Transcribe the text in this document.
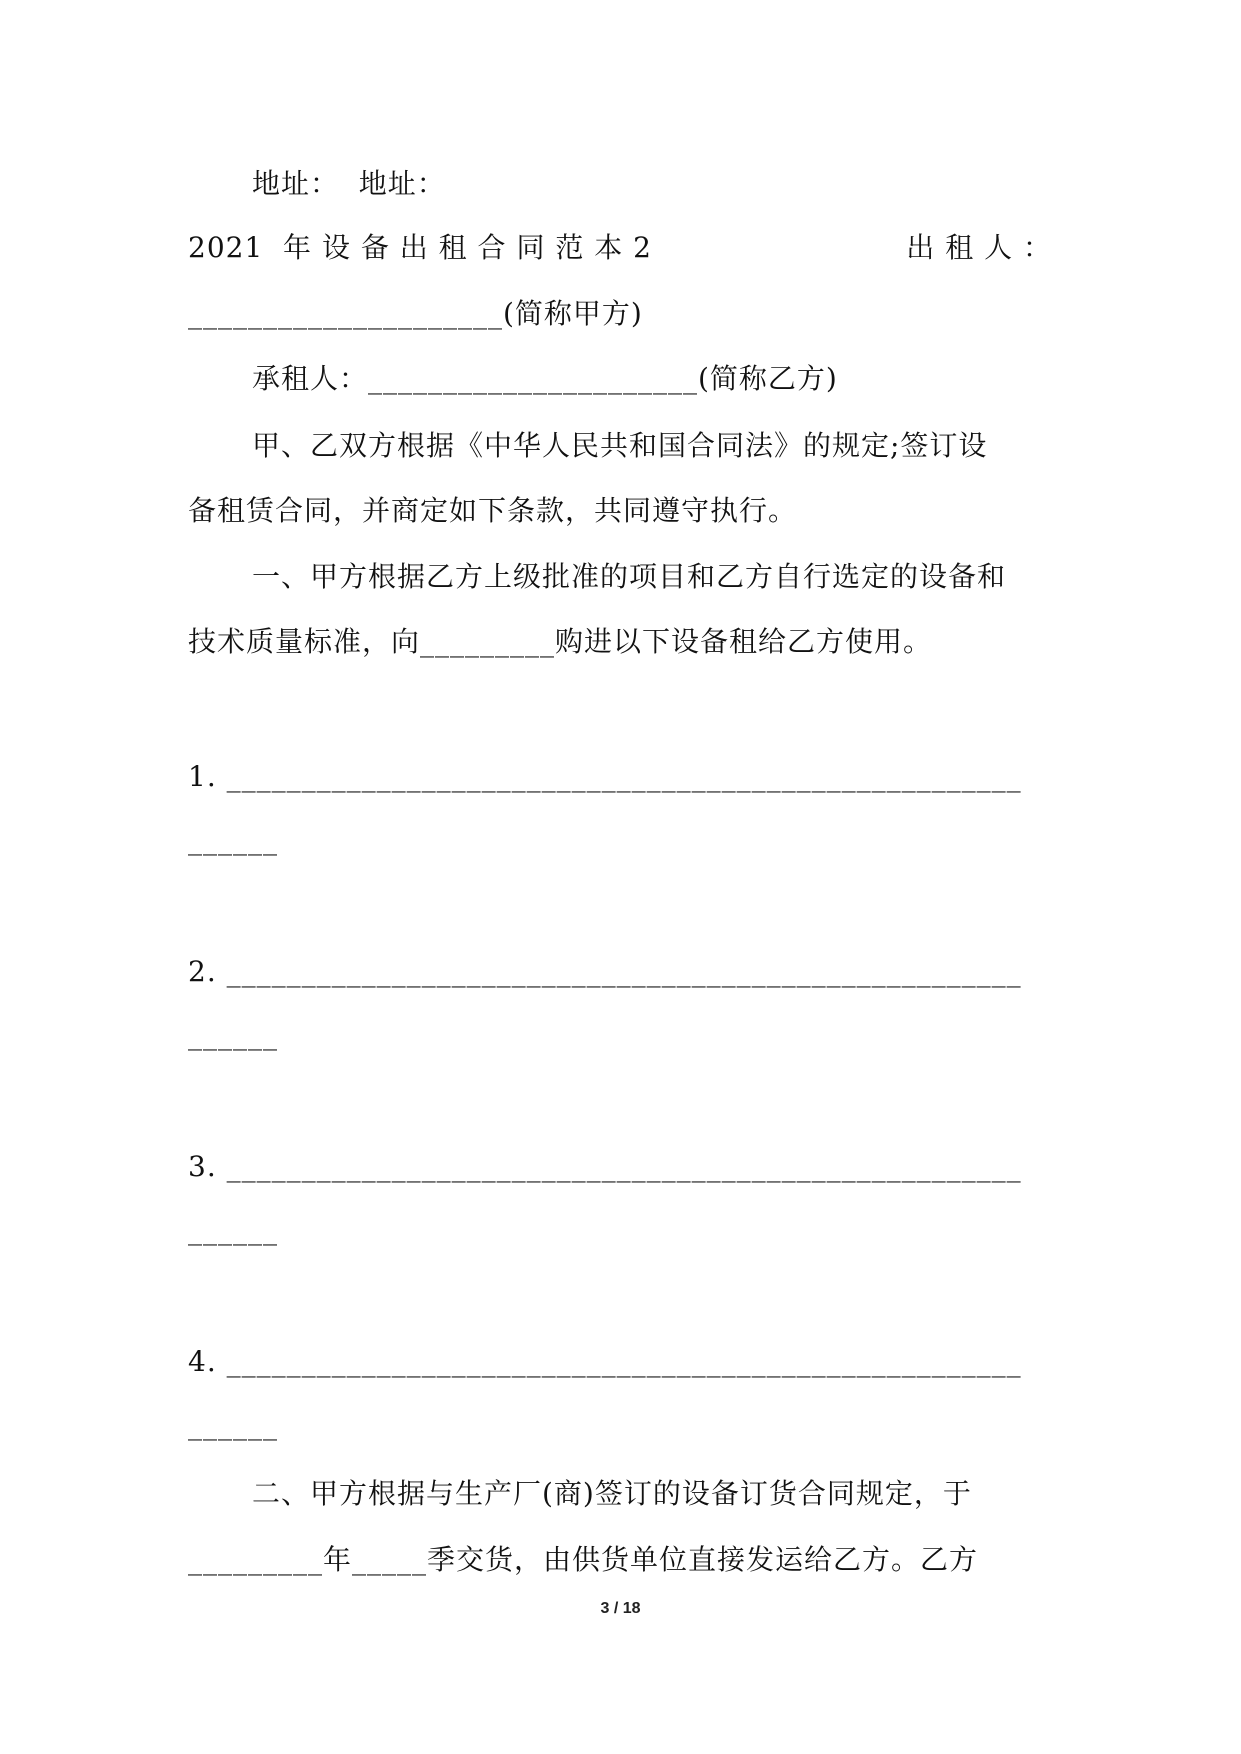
地址：  地址：
2021  年 设 备 出 租 合 同 范 本 2	出 租 人 ：
_____________________(简称甲方)
承租人：______________________(简称乙方)
甲、乙双方根据《中华人民共和国合同法》的规定;签订设
备租赁合同，并商定如下条款，共同遵守执行。
一、甲方根据乙方上级批准的项目和乙方自行选定的设备和
技术质量标准，向_________购进以下设备租给乙方使用。
1. _____________________________________________________
______
2. _____________________________________________________
______
3. _____________________________________________________
______
4. _____________________________________________________
______
二、甲方根据与生产厂(商)签订的设备订货合同规定，于
_________年_____季交货，由供货单位直接发运给乙方。乙方
3 / 18
